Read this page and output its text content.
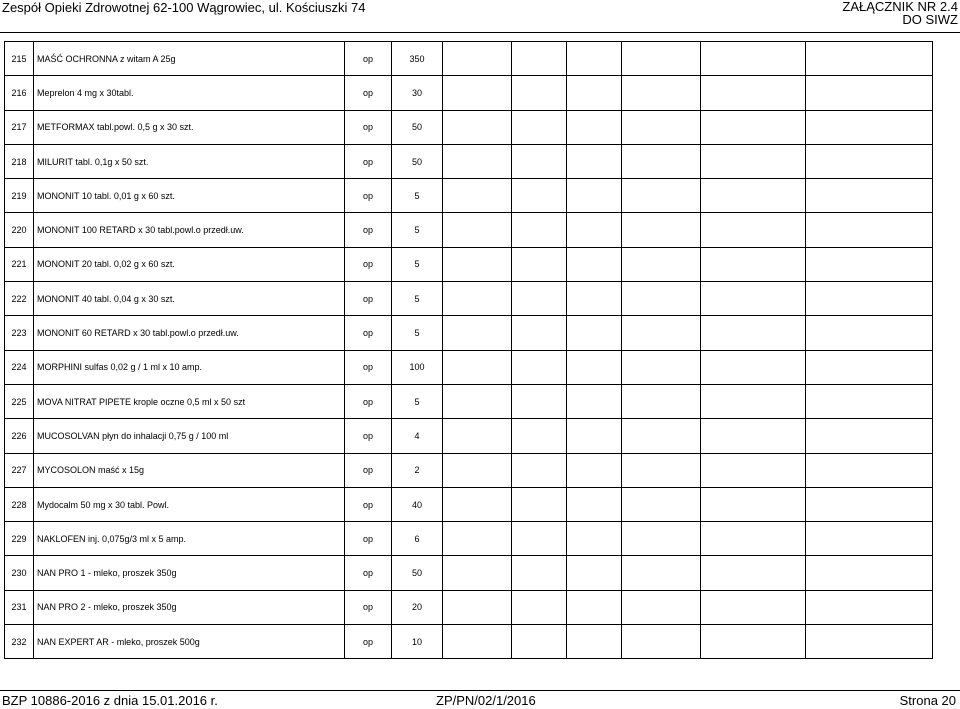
Zespół Opieki Zdrowotnej 62-100 Wągrowiec, ul. Kościuszki 74	ZAŁĄCZNIK NR 2.4
DO SIWZ
215	MAŚĆ OCHRONNA z witam A 25g	op	350						
216	Meprelon 4 mg x 30tabl.	op	30						
217	METFORMAX tabl.powl. 0,5 g x 30 szt.	op	50						
218	MILURIT tabl. 0,1g x 50 szt.	op	50						
219	MONONIT 10 tabl. 0,01 g x 60 szt.	op	5						
220	MONONIT 100 RETARD x 30 tabl.powl.o przedł.uw.	op	5						
221	MONONIT 20 tabl. 0,02 g x 60 szt.	op	5						
222	MONONIT 40 tabl. 0,04 g x 30 szt.	op	5						
223	MONONIT 60 RETARD x 30 tabl.powl.o przedł.uw.	op	5						
224	MORPHINI sulfas 0,02 g / 1 ml x 10 amp.	op	100						
225	MOVA NITRAT PIPETE krople oczne 0,5 ml x 50 szt	op	5						
226	MUCOSOLVAN płyn do inhalacji 0,75 g / 100 ml	op	4						
227	MYCOSOLON maść x 15g	op	2						
228	Mydocalm 50 mg x 30 tabl. Powl.	op	40						
229	NAKLOFEN inj. 0,075g/3 ml x 5 amp.	op	6						
230	NAN PRO 1 - mleko, proszek 350g	op	50						
231	NAN PRO 2 - mleko, proszek 350g	op	20						
232	NAN EXPERT AR - mleko, proszek 500g	op	10						
BZP 10886-2016 z dnia 15.01.2016 r.	ZP/PN/02/1/2016	Strona 20
